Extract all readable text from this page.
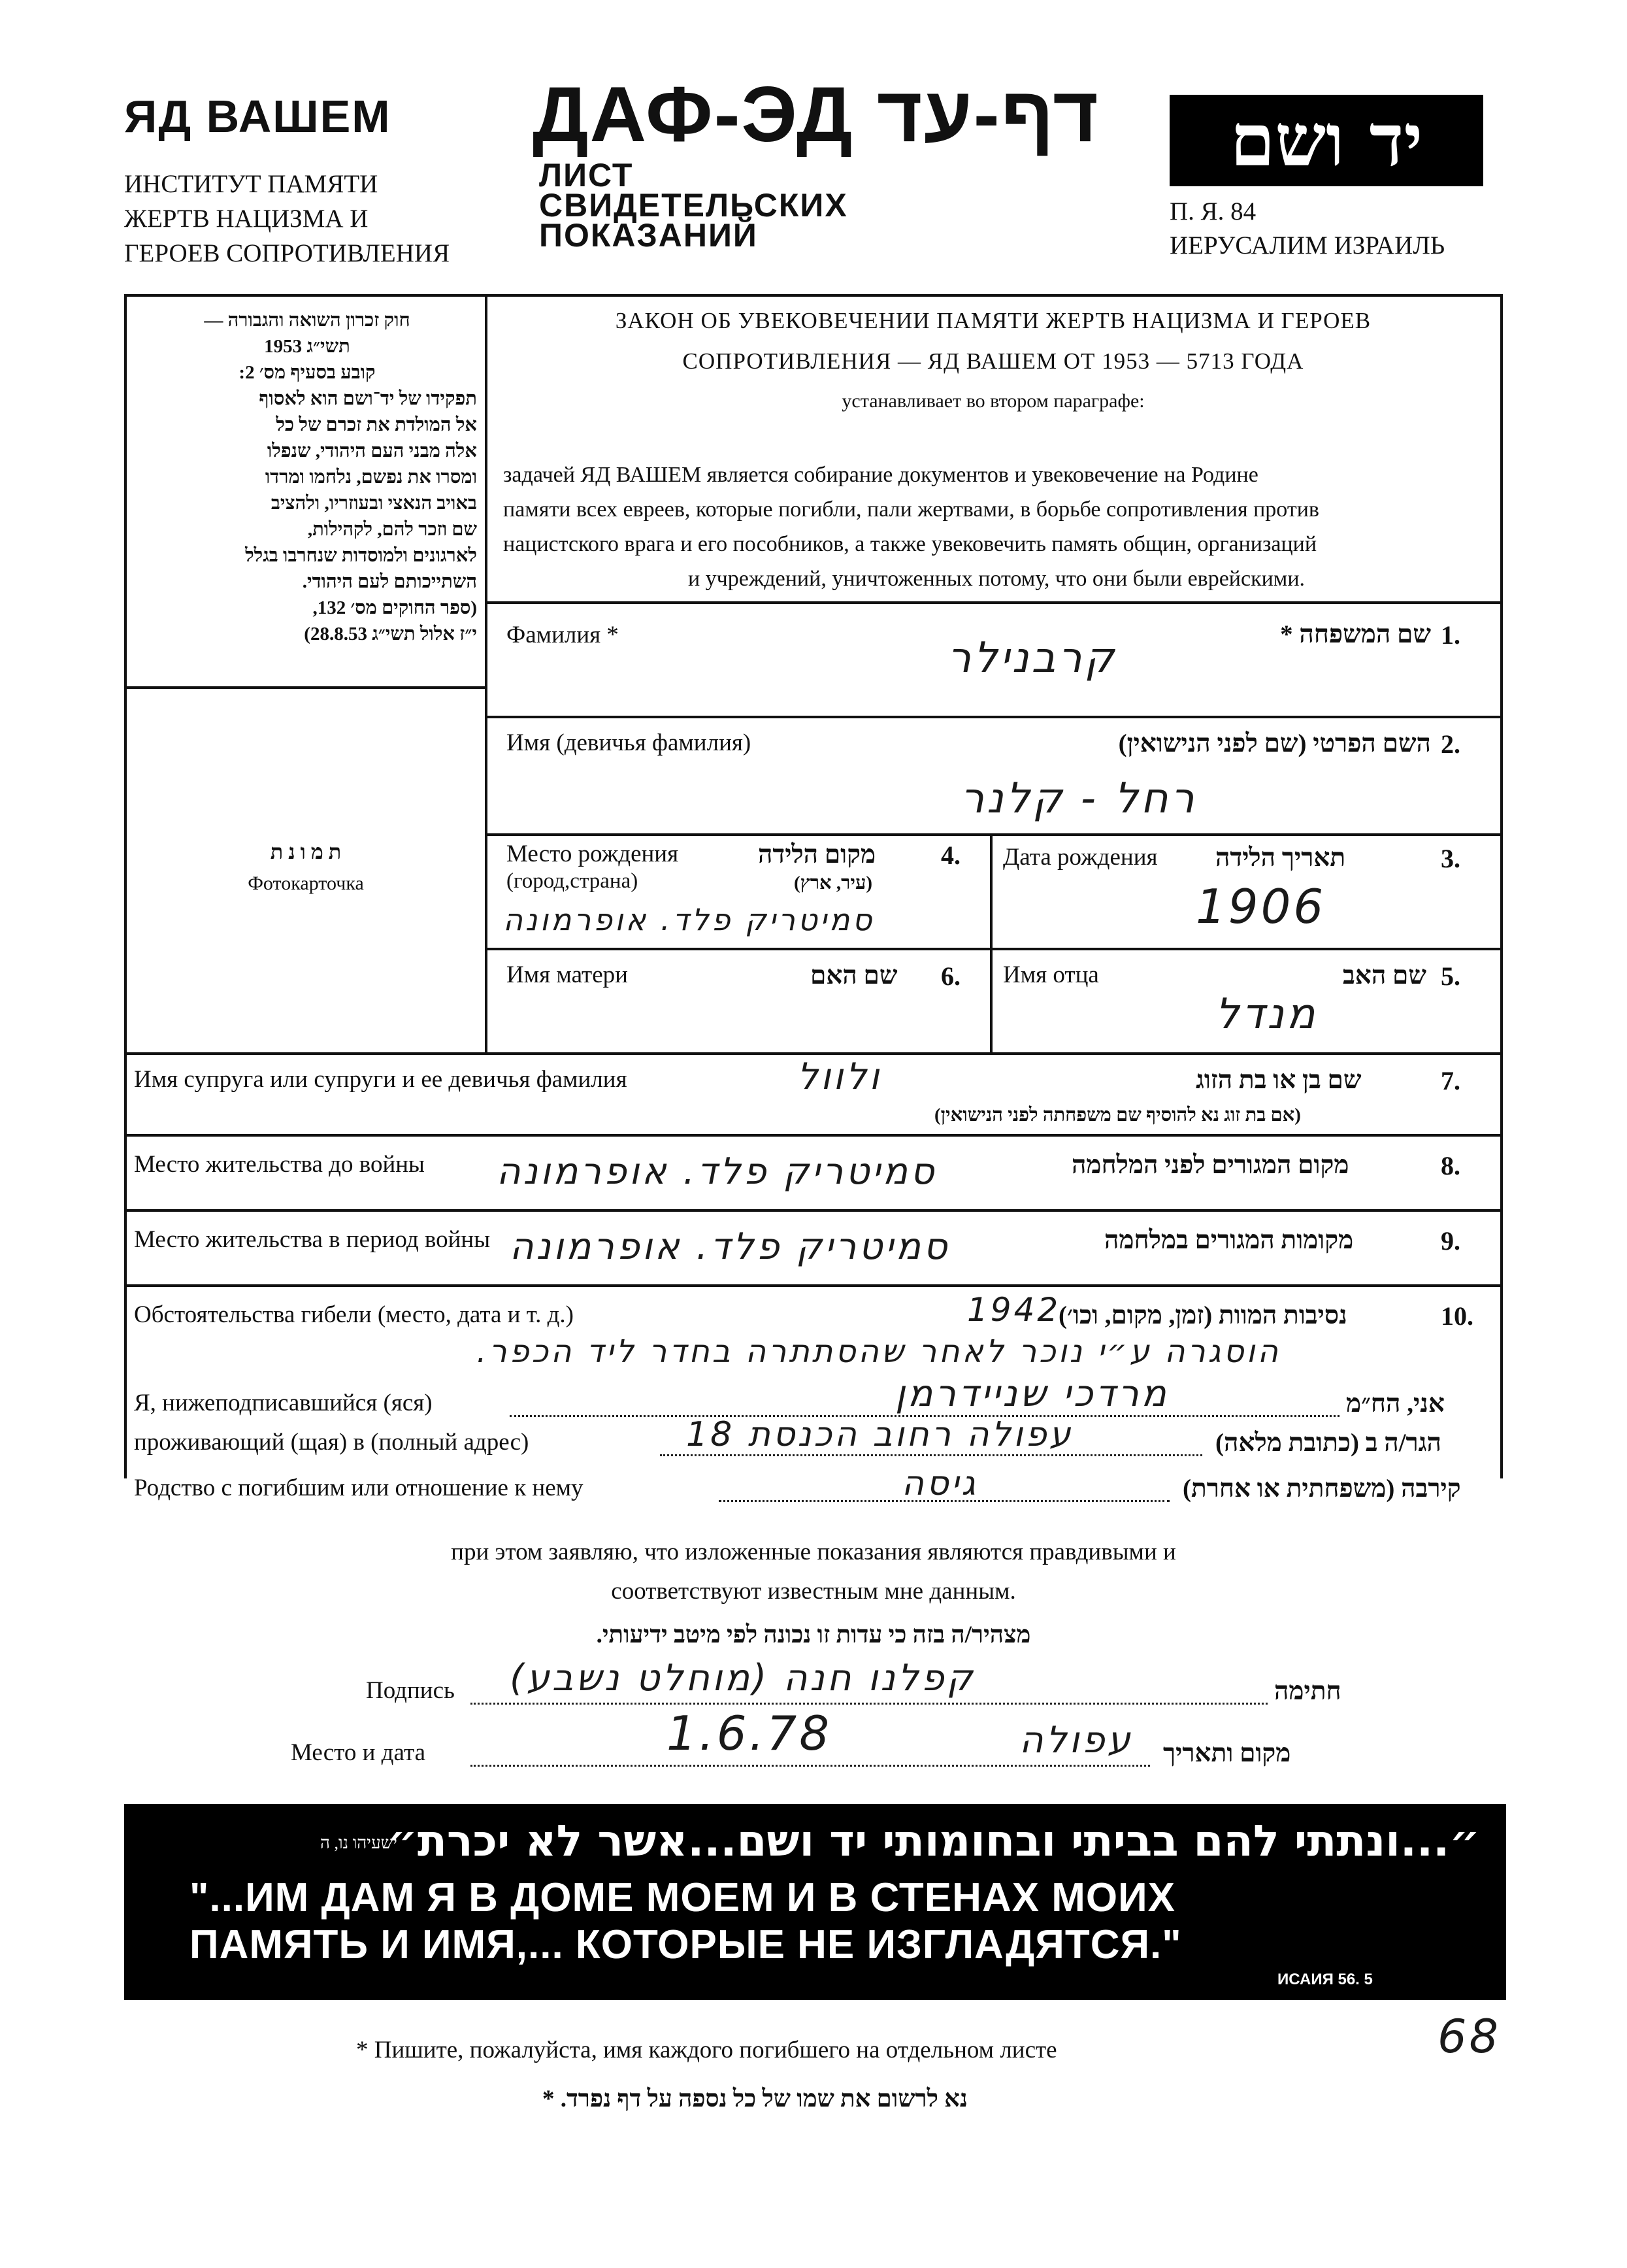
ЯД ВАШЕМ
ИНСТИТУТ ПАМЯТИ
ЖЕРТВ НАЦИЗМА И
ГЕРОЕВ СОПРОТИВЛЕНИЯ
ДАФ-ЭД דף-עד
ЛИСТ
СВИДЕТЕЛЬСКИХ
ПОКАЗАНИЙ
יד ושם
П. Я. 84
ИЕРУСАЛИМ ИЗРАИЛЬ
חוק זכרון השואה והגבורה —
תשי״ג 1953
קובע בסעיף מס׳ 2:
תפקידו של יד־ושם הוא לאסוף
אל המולדת את זכרם של כל
אלה מבני העם היהודי, שנפלו
ומסרו את נפשם, נלחמו ומרדו
באויב הנאצי ובעוזריו, ולהציב
שם וזכר להם, לקהילות,
לארגונים ולמוסדות שנחרבו בגלל
השתייכותם לעם היהודי.
(ספר החוקים מס׳ 132,
י״ז אלול תשי״ג 28.8.53)
ת מ ו נ ת
Фотокарточка
ЗАКОН ОБ УВЕКОВЕЧЕНИИ ПАМЯТИ ЖЕРТВ НАЦИЗМА И ГЕРОЕВ
СОПРОТИВЛЕНИЯ — ЯД ВАШЕМ ОТ 1953 — 5713 ГОДА
устанавливает во втором параграфе:
задачей ЯД ВАШЕМ является собирание документов и увековечение на Родине
памяти всех евреев, которые погибли, пали жертвами, в борьбе сопротивления против
нацистского врага и его пособников, а также увековечить память общин, организаций
и учреждений, уничтоженных потому, что они были еврейскими.
Фамилия *	שם המשפחה * 1.
קרבנילר
Имя (девичья фамилия)	השם הפרטי (שם לפני הנישואין) 2.
רחל - קלנר
Место рождения
(город,страна)
מקום הלידה
(עיר, ארץ)
4.
סמיטריק פלד. אופרמונה
Дата рождения תאריך הלידה	3.
1906
Имя матери	שם האם 6. Имя отца	שם האב 5.
מנדל
Имя супруга или супруги и ее девичья фамилия	ולוול	שם בן או בת הזוג	7.
(אם בת זוג נא להוסיף שם משפחתה לפני הנישואין)
Место жительства до войны סמיטריק פלד. אופרמונה	מקום המגורים לפני המלחמה	8.
Место жительства в период войны סמיטריק פלד. אופרמונה	מקומות המגורים במלחמה	9.
Обстоятельства гибели (место, дата и т. д.)	1942
נסיבות המוות (זמן, מקום, וכו׳)	10.
הוסגרה ע״י נוכר לאחר שהסתתרה בחדר ליד הכפר.
Я, нижеподписавшийся (яся)	מרדכי שניידרמן	אני, הח״מ
проживающий (щая) в (полный адрес)	עפולה רחוב הכנסת 18	הגר/ה ב (כתובת מלאה)
Родство с погибшим или отношение к нему	גיסה	קירבה (משפחתית או אחרת)
при этом заявляю, что изложенные показания являются правдивыми и
соответствуют известным мне данным.
מצהיר/ה בזה כי עדות זו נכונה לפי מיטב ידיעותי.
Подпись קפלנו חנה (מוחלט נשבע)	חתימה
Место и дата	1.6.78	עפולה מקום ותאריך
״...ונתתי להם בביתי ובחומותי יד ושם...אשר לא יכרת״
ישעיהו נו, ה
"...ИМ ДАМ Я В ДОМЕ МОЕМ И В СТЕНАХ МОИХ
ПАМЯТЬ И ИМЯ,... КОТОРЫЕ НЕ ИЗГЛАДЯТСЯ."
ИСАИЯ 56. 5
68
* Пишите, пожалуйста, имя каждого погибшего на отдельном листе
נא לרשום את שמו של כל נספה על דף נפרד. *
